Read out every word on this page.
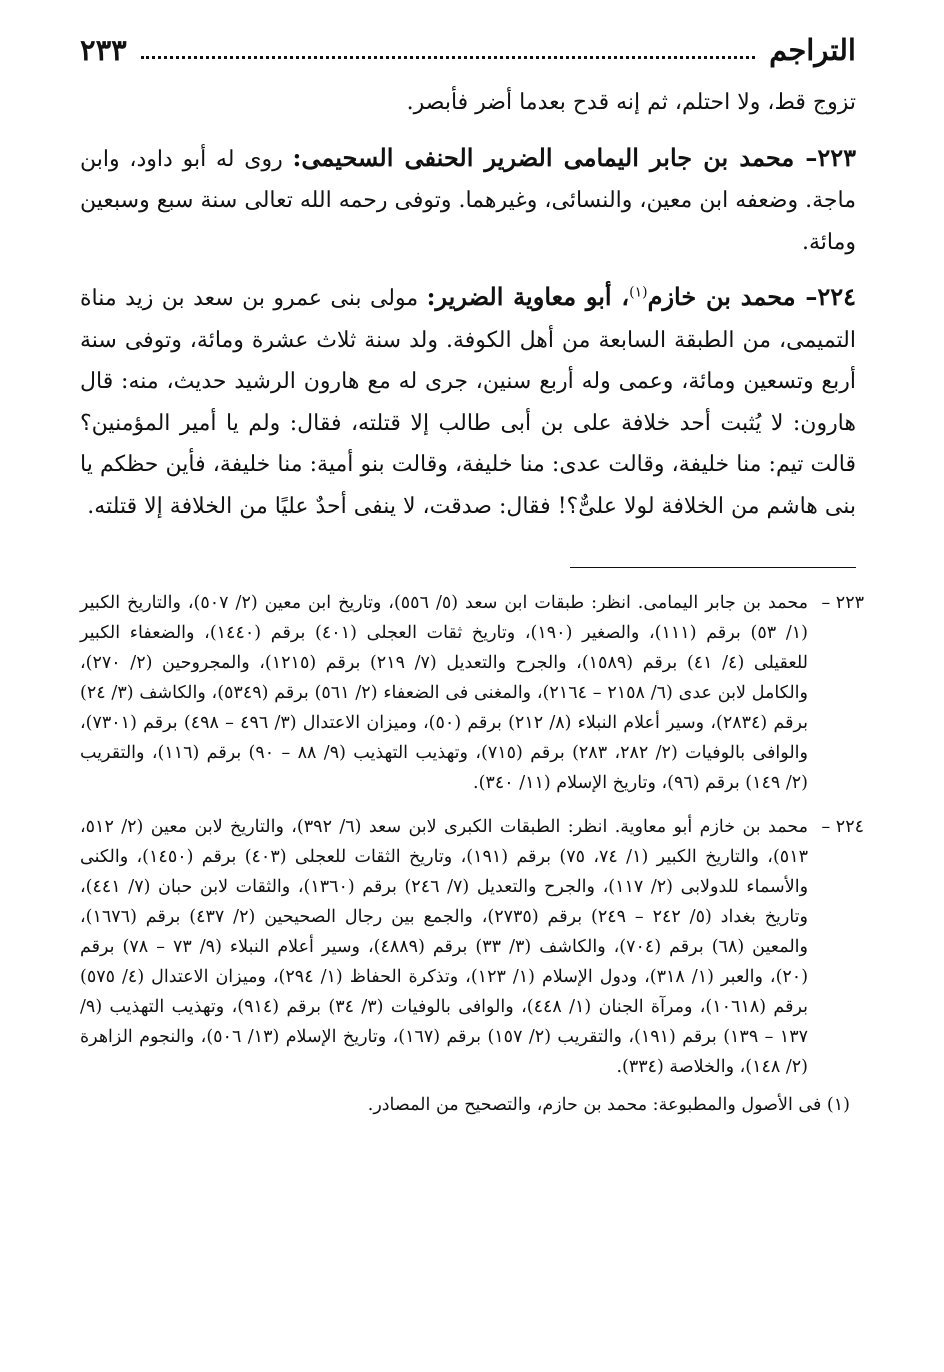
التراجم
٢٣٣

تزوج قط، ولا احتلم، ثم إنه قدح بعدما أضر فأبصر.

٢٢٣– محمد بن جابر اليمامى الضرير الحنفى السحيمى: روى له أبو داود، وابن ماجة. وضعفه ابن معين، والنسائى، وغيرهما. وتوفى رحمه الله تعالى سنة سبع وسبعين ومائة.

٢٢٤– محمد بن خازم$^{(١)}$، أبو معاوية الضرير: مولى بنى عمرو بن سعد بن زيد مناة التميمى، من الطبقة السابعة من أهل الكوفة. ولد سنة ثلاث عشرة ومائة، وتوفى سنة أربع وتسعين ومائة، وعمى وله أربع سنين، جرى له مع هارون الرشيد حديث، منه: قال هارون: لا يُثبت أحد خلافة على بن أبى طالب إلا قتلته، فقال: ولم يا أمير المؤمنين؟ قالت تيم: منا خليفة، وقالت عدى: منا خليفة، وقالت بنو أمية: منا خليفة، فأين حظكم يا بنى هاشم من الخلافة لولا علىٌّ؟! فقال: صدقت، لا ينفى أحدٌ عليًا من الخلافة إلا قتلته.

٢٢٣ –
محمد بن جابر اليمامى. انظر: طبقات ابن سعد (٥/ ٥٥٦)، وتاريخ ابن معين (٢/ ٥٠٧)، والتاريخ الكبير (١/ ٥٣) برقم (١١١)، والصغير (١٩٠)، وتاريخ ثقات العجلى (٤٠١) برقم (١٤٤٠)، والضعفاء الكبير للعقيلى (٤/ ٤١) برقم (١٥٨٩)، والجرح والتعديل (٧/ ٢١٩) برقم (١٢١٥)، والمجروحين (٢/ ٢٧٠)، والكامل لابن عدى (٦/ ٢١٥٨ – ٢١٦٤)، والمغنى فى الضعفاء (٢/ ٥٦١) برقم (٥٣٤٩)، والكاشف (٣/ ٢٤) برقم (٢٨٣٤)، وسير أعلام النبلاء (٨/ ٢١٢) برقم (٥٠)، وميزان الاعتدال (٣/ ٤٩٦ – ٤٩٨) برقم (٧٣٠١)، والوافى بالوفيات (٢/ ٢٨٢، ٢٨٣) برقم (٧١٥)، وتهذيب التهذيب (٩/ ٨٨ – ٩٠) برقم (١١٦)، والتقريب (٢/ ١٤٩) برقم (٩٦)، وتاريخ الإسلام (١١/ ٣٤٠).
٢٢٤ –
محمد بن خازم أبو معاوية. انظر: الطبقات الكبرى لابن سعد (٦/ ٣٩٢)، والتاريخ لابن معين (٢/ ٥١٢، ٥١٣)، والتاريخ الكبير (١/ ٧٤، ٧٥) برقم (١٩١)، وتاريخ الثقات للعجلى (٤٠٣) برقم (١٤٥٠)، والكنى والأسماء للدولابى (٢/ ١١٧)، والجرح والتعديل (٧/ ٢٤٦) برقم (١٣٦٠)، والثقات لابن حبان (٧/ ٤٤١)، وتاريخ بغداد (٥/ ٢٤٢ – ٢٤٩) برقم (٢٧٣٥)، والجمع بين رجال الصحيحين (٢/ ٤٣٧) برقم (١٦٧٦)، والمعين (٦٨) برقم (٧٠٤)، والكاشف (٣/ ٣٣) برقم (٤٨٨٩)، وسير أعلام النبلاء (٩/ ٧٣ – ٧٨) برقم (٢٠)، والعبر (١/ ٣١٨)، ودول الإسلام (١/ ١٢٣)، وتذكرة الحفاظ (١/ ٢٩٤)، وميزان الاعتدال (٤/ ٥٧٥) برقم (١٠٦١٨)، ومرآة الجنان (١/ ٤٤٨)، والوافى بالوفيات (٣/ ٣٤) برقم (٩١٤)، وتهذيب التهذيب (٩/ ١٣٧ – ١٣٩) برقم (١٩١)، والتقريب (٢/ ١٥٧) برقم (١٦٧)، وتاريخ الإسلام (١٣/ ٥٠٦)، والنجوم الزاهرة (٢/ ١٤٨)، والخلاصة (٣٣٤).
(١) فى الأصول والمطبوعة: محمد بن حازم، والتصحيح من المصادر.
